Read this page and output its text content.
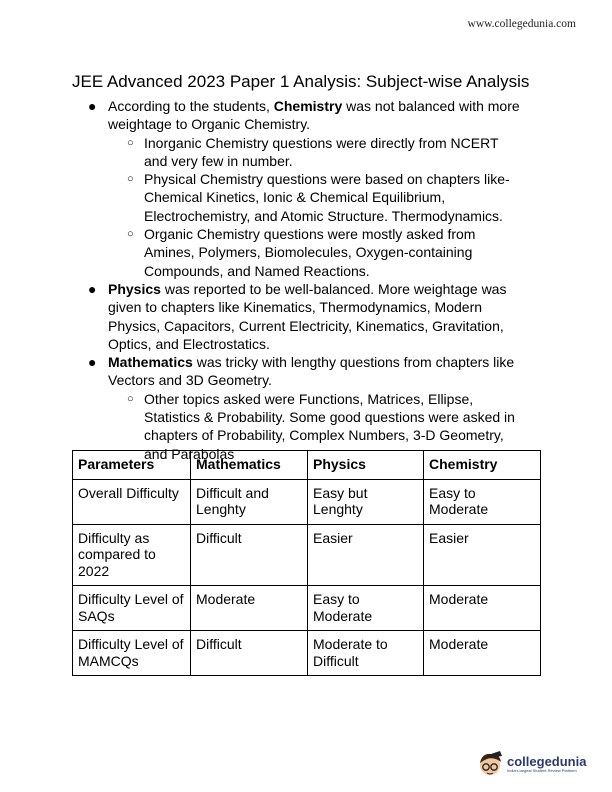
www.collegedunia.com
JEE Advanced 2023 Paper 1 Analysis: Subject-wise Analysis
● According to the students, Chemistry was not balanced with more weightage to Organic Chemistry.
○ Inorganic Chemistry questions were directly from NCERT and very few in number.
○ Physical Chemistry questions were based on chapters like-Chemical Kinetics, Ionic & Chemical Equilibrium, Electrochemistry, and Atomic Structure. Thermodynamics.
○ Organic Chemistry questions were mostly asked from Amines, Polymers, Biomolecules, Oxygen-containing Compounds, and Named Reactions.
● Physics was reported to be well-balanced. More weightage was given to chapters like Kinematics, Thermodynamics, Modern Physics, Capacitors, Current Electricity, Kinematics, Gravitation, Optics, and Electrostatics.
● Mathematics was tricky with lengthy questions from chapters like Vectors and 3D Geometry.
○ Other topics asked were Functions, Matrices, Ellipse, Statistics & Probability. Some good questions were asked in chapters of Probability, Complex Numbers, 3-D Geometry, and Parabolas
Parameters	Mathematics	Physics	Chemistry
Overall Difficulty	Difficult and Lenghty	Easy but Lenghty	Easy to Moderate
Difficulty as compared to 2022	Difficult	Easier	Easier
Difficulty Level of SAQs	Moderate	Easy to Moderate	Moderate
Difficulty Level of MAMCQs	Difficult	Moderate to Difficult	Moderate
collegedunia
India's largest Student Review Platform
